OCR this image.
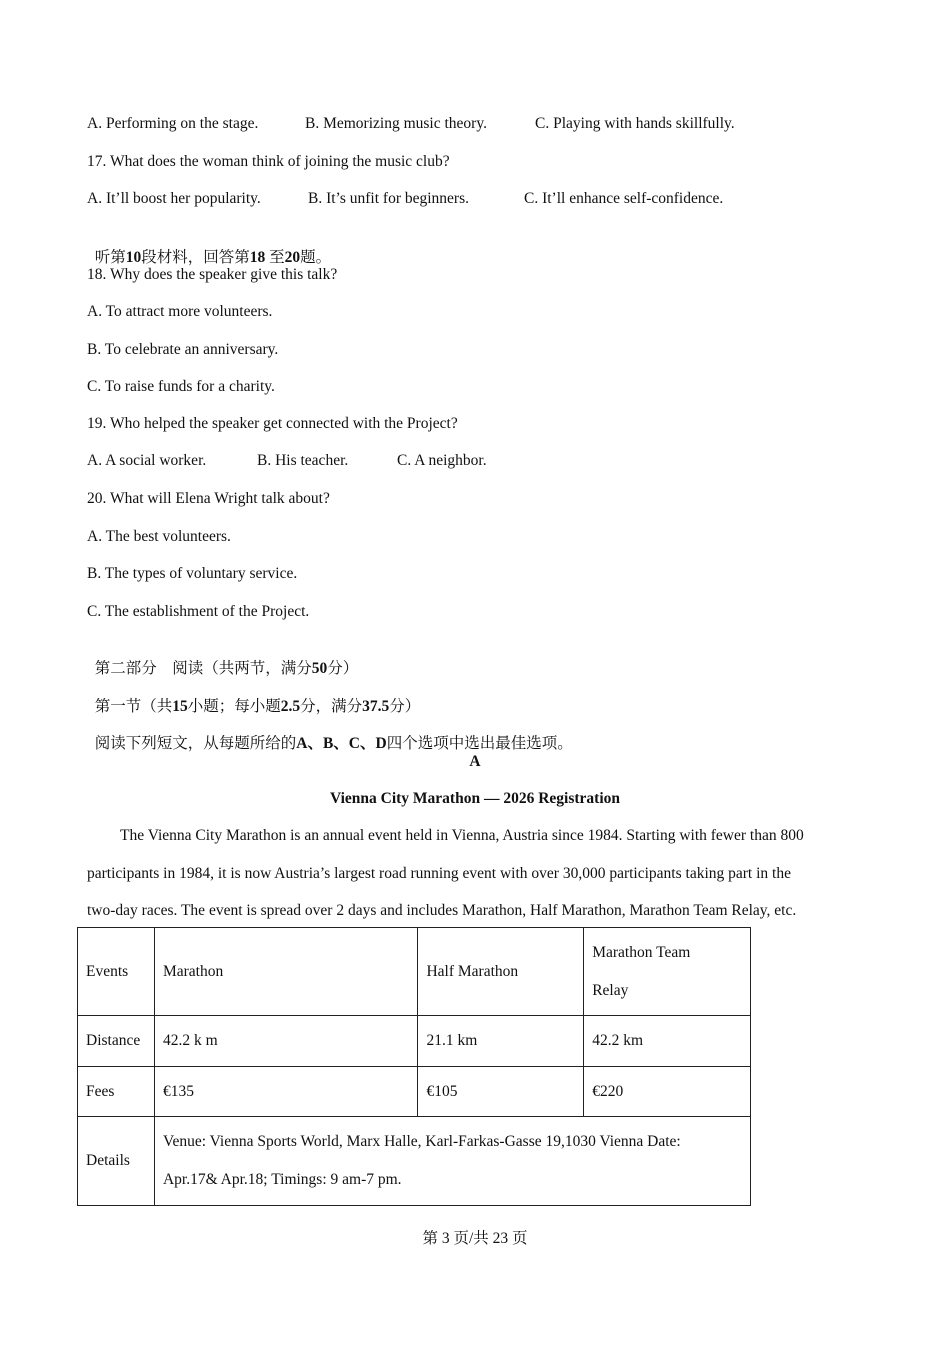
A. Performing on the stage.	B. Memorizing music theory.	C. Playing with hands skillfully.
17. What does the woman think of joining the music club?
A. It’ll boost her popularity.	B. It’s unfit for beginners.	C. It’ll enhance self-confidence.

听第10段材料，回答第18 至20题。

18. Why does the speaker give this talk?
A. To attract more volunteers.
B. To celebrate an anniversary.
C. To raise funds for a charity.
19. Who helped the speaker get connected with the Project?
A. A social worker.	B. His teacher.	C. A neighbor.
20. What will Elena Wright talk about?
A. The best volunteers.
B. The types of voluntary service.
C. The establishment of the Project.

第二部分    阅读（共两节，满分50分）

第一节（共15小题；每小题2.5分，满分37.5分）

阅读下列短文，从每题所给的A、B、C、D四个选项中选出最佳选项。

A
Vienna City Marathon — 2026 Registration
The Vienna City Marathon is an annual event held in Vienna, Austria since 1984. Starting with fewer than 800
participants in 1984, it is now Austria’s largest road running event with over 30,000 participants taking part in the
two-day races. The event is spread over 2 days and includes Marathon, Half Marathon, Marathon Team Relay, etc.
Events	Marathon	Half Marathon	Marathon Team
Relay
Distance	42.2 k m	21.1 km	42.2 km
Fees	€135	€105	€220
Details	Venue: Vienna Sports World, Marx Halle, Karl-Farkas-Gasse 19,1030 Vienna Date:
Apr.17& Apr.18; Timings: 9 am-7 pm.		
第 3 页/共 23 页
